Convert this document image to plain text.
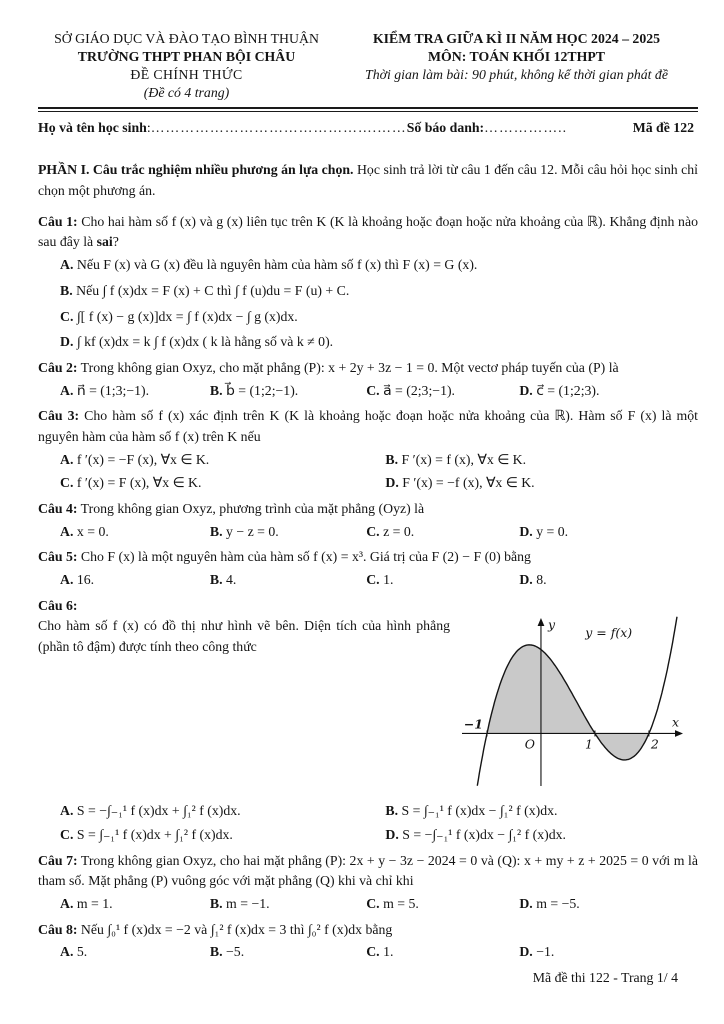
SỞ GIÁO DỤC VÀ ĐÀO TẠO BÌNH THUẬN
TRƯỜNG THPT PHAN BỘI CHÂU
ĐỀ CHÍNH THỨC
(Đề có 4 trang)
KIỂM TRA GIỮA KÌ II NĂM HỌC 2024 – 2025
MÔN: TOÁN KHỐI 12THPT
Thời gian làm bài: 90 phút, không kể thời gian phát đề
Họ và tên học sinh : ……………………………………….…… Số báo danh: ……………..	Mã đề 122
PHẦN I. Câu trắc nghiệm nhiều phương án lựa chọn. Học sinh trả lời từ câu 1 đến câu 12. Mỗi câu hỏi học sinh chỉ chọn một phương án.
Câu 1: Cho hai hàm số f (x) và g (x) liên tục trên K (K là khoảng hoặc đoạn hoặc nửa khoảng của ℝ). Khẳng định nào sau đây là sai?
A. Nếu F (x) và G (x) đều là nguyên hàm của hàm số f (x) thì F (x) = G (x).
B. Nếu ∫ f (x)dx = F (x) + C thì ∫ f (u)du = F (u) + C.
C. ∫[ f (x) − g (x)]dx = ∫ f (x)dx − ∫ g (x)dx.
D. ∫ kf (x)dx = k ∫ f (x)dx ( k là hằng số và k ≠ 0).
Câu 2: Trong không gian Oxyz, cho mặt phẳng (P): x + 2y + 3z − 1 = 0. Một vectơ pháp tuyến của (P) là
A. n⃗ = (1;3;−1).	B. b⃗ = (1;2;−1).	C. a⃗ = (2;3;−1).	D. c⃗ = (1;2;3).
Câu 3: Cho hàm số f (x) xác định trên K (K là khoảng hoặc đoạn hoặc nửa khoảng của ℝ). Hàm số F (x) là một nguyên hàm của hàm số f (x) trên K nếu
A. f ′(x) = −F (x), ∀x ∈ K.	B. F ′(x) = f (x), ∀x ∈ K.
C. f ′(x) = F (x), ∀x ∈ K.	D. F ′(x) = −f (x), ∀x ∈ K.
Câu 4: Trong không gian Oxyz, phương trình của mặt phẳng (Oyz) là
A. x = 0.	B. y − z = 0.	C. z = 0.	D. y = 0.
Câu 5: Cho F (x) là một nguyên hàm của hàm số f (x) = x³. Giá trị của F (2) − F (0) bằng
A. 16.	B. 4.	C. 1.	D. 8.
Câu 6:
Cho hàm số f (x) có đồ thị như hình vẽ bên. Diện tích của hình phẳng (phần tô đậm) được tính theo công thức
−1
O	1	2
x
y
y = f(x)
A. S = −∫₋₁¹ f (x)dx + ∫₁² f (x)dx.	B. S = ∫₋₁¹ f (x)dx − ∫₁² f (x)dx.
C. S = ∫₋₁¹ f (x)dx + ∫₁² f (x)dx.	D. S = −∫₋₁¹ f (x)dx − ∫₁² f (x)dx.
Câu 7: Trong không gian Oxyz, cho hai mặt phẳng (P): 2x + y − 3z − 2024 = 0 và (Q): x + my + z + 2025 = 0 với m là tham số. Mặt phẳng (P) vuông góc với mặt phẳng (Q) khi và chỉ khi
A. m = 1.	B. m = −1.	C. m = 5.	D. m = −5.
Câu 8: Nếu ∫₀¹ f (x)dx = −2 và ∫₁² f (x)dx = 3 thì ∫₀² f (x)dx bằng
A. 5.	B. −5.	C. 1.	D. −1.
Mã đề thi 122 - Trang 1/ 4
